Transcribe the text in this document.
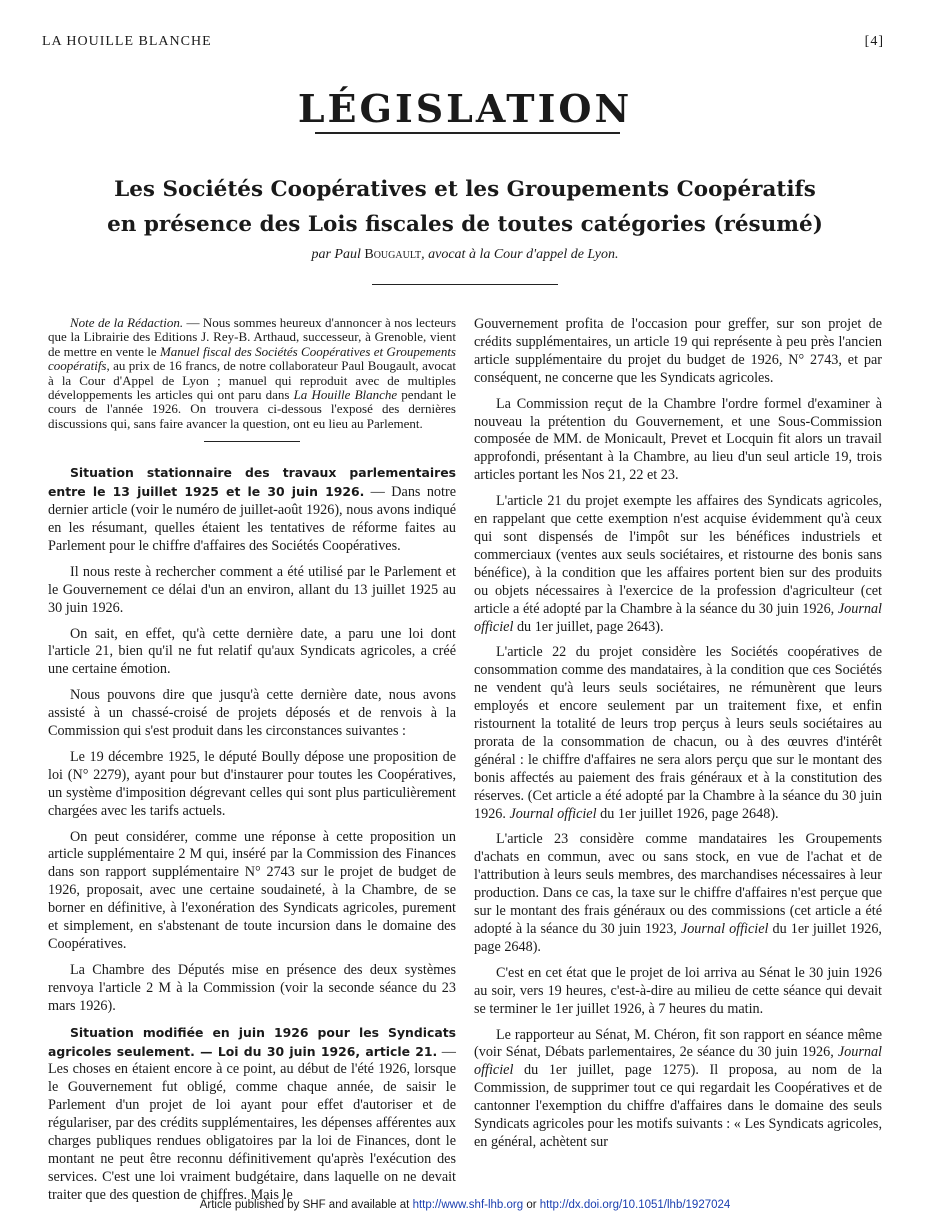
LA HOUILLE BLANCHE	[4]
LÉGISLATION
Les Sociétés Coopératives et les Groupements Coopératifs
en présence des Lois fiscales de toutes catégories (résumé)
par Paul Bougault, avocat à la Cour d'appel de Lyon.

Note de la Rédaction. — Nous sommes heureux d'annoncer à nos lecteurs que la Librairie des Editions J. Rey-B. Arthaud, successeur, à Grenoble, vient de mettre en vente le Manuel fiscal des Sociétés Coopératives et Groupements coopératifs, au prix de 16 francs, de notre collaborateur Paul Bougault, avocat à la Cour d'Appel de Lyon ; manuel qui reproduit avec de multiples développements les articles qui ont paru dans La Houille Blanche pendant le cours de l'année 1926. On trouvera ci-dessous l'exposé des dernières discussions qui, sans faire avancer la question, ont eu lieu au Parlement.

Situation stationnaire des travaux parlementaires entre le 13 juillet 1925 et le 30 juin 1926. — Dans notre dernier article (voir le numéro de juillet-août 1926), nous avons indiqué en les résumant, quelles étaient les tentatives de réforme faites au Parlement pour le chiffre d'affaires des Sociétés Coopératives.

Il nous reste à rechercher comment a été utilisé par le Parlement et le Gouvernement ce délai d'un an environ, allant du 13 juillet 1925 au 30 juin 1926.

On sait, en effet, qu'à cette dernière date, a paru une loi dont l'article 21, bien qu'il ne fut relatif qu'aux Syndicats agricoles, a créé une certaine émotion.

Nous pouvons dire que jusqu'à cette dernière date, nous avons assisté à un chassé-croisé de projets déposés et de renvois à la Commission qui s'est produit dans les circonstances suivantes :

Le 19 décembre 1925, le député Boully dépose une proposition de loi (N° 2279), ayant pour but d'instaurer pour toutes les Coopératives, un système d'imposition dégrevant celles qui sont plus particulièrement chargées avec les tarifs actuels.

On peut considérer, comme une réponse à cette proposition un article supplémentaire 2 M qui, inséré par la Commission des Finances dans son rapport supplémentaire N° 2743 sur le projet de budget de 1926, proposait, avec une certaine soudaineté, à la Chambre, de se borner en définitive, à l'exonération des Syndicats agricoles, purement et simplement, en s'abstenant de toute incursion dans le domaine des Coopératives.

La Chambre des Députés mise en présence des deux systèmes renvoya l'article 2 M à la Commission (voir la seconde séance du 23 mars 1926).

Situation modifiée en juin 1926 pour les Syndicats agricoles seulement. — Loi du 30 juin 1926, article 21. — Les choses en étaient encore à ce point, au début de l'été 1926, lorsque le Gouvernement fut obligé, comme chaque année, de saisir le Parlement d'un projet de loi ayant pour effet d'autoriser et de régulariser, par des crédits supplémentaires, les dépenses afférentes aux charges publiques rendues obligatoires par la loi de Finances, dont le montant ne peut être reconnu définitivement qu'après l'exécution des services. C'est une loi vraiment budgétaire, dans laquelle on ne devait traiter que des question de chiffres. Mais le

Gouvernement profita de l'occasion pour greffer, sur son projet de crédits supplémentaires, un article 19 qui représente à peu près l'ancien article supplémentaire du projet du budget de 1926, N° 2743, et par conséquent, ne concerne que les Syndicats agricoles.

La Commission reçut de la Chambre l'ordre formel d'examiner à nouveau la prétention du Gouvernement, et une Sous-Commission composée de MM. de Monicault, Prevet et Locquin fit alors un travail approfondi, présentant à la Chambre, au lieu d'un seul article 19, trois articles portant les Nos 21, 22 et 23.

L'article 21 du projet exempte les affaires des Syndicats agricoles, en rappelant que cette exemption n'est acquise évidemment qu'à ceux qui sont dispensés de l'impôt sur les bénéfices industriels et commerciaux (ventes aux seuls sociétaires, et ristourne des bonis sans bénéfice), à la condition que les affaires portent bien sur des produits ou objets nécessaires à l'exercice de la profession d'agriculteur (cet article a été adopté par la Chambre à la séance du 30 juin 1926, Journal officiel du 1er juillet, page 2643).

L'article 22 du projet considère les Sociétés coopératives de consommation comme des mandataires, à la condition que ces Sociétés ne vendent qu'à leurs seuls sociétaires, ne rémunèrent que leurs employés et encore seulement par un traitement fixe, et enfin ristournent la totalité de leurs trop perçus à leurs seuls sociétaires au prorata de la consommation de chacun, ou à des œuvres d'intérêt général : le chiffre d'affaires ne sera alors perçu que sur le montant des bonis affectés au paiement des frais généraux et à la constitution des réserves. (Cet article a été adopté par la Chambre à la séance du 30 juin 1926. Journal officiel du 1er juillet 1926, page 2648).

L'article 23 considère comme mandataires les Groupements d'achats en commun, avec ou sans stock, en vue de l'achat et de l'attribution à leurs seuls membres, des marchandises nécessaires à leur production. Dans ce cas, la taxe sur le chiffre d'affaires n'est perçue que sur le montant des frais généraux ou des commissions (cet article a été adopté à la séance du 30 juin 1923, Journal officiel du 1er juillet 1926, page 2648).

C'est en cet état que le projet de loi arriva au Sénat le 30 juin 1926 au soir, vers 19 heures, c'est-à-dire au milieu de cette séance qui devait se terminer le 1er juillet 1926, à 7 heures du matin.

Le rapporteur au Sénat, M. Chéron, fit son rapport en séance même (voir Sénat, Débats parlementaires, 2e séance du 30 juin 1926, Journal officiel du 1er juillet, page 1275). Il proposa, au nom de la Commission, de supprimer tout ce qui regardait les Coopératives et de cantonner l'exemption du chiffre d'affaires dans le domaine des seuls Syndicats agricoles pour les motifs suivants : « Les Syndicats agricoles, en général, achètent sur

Article published by SHF and available at http://www.shf-lhb.org or http://dx.doi.org/10.1051/lhb/1927024
